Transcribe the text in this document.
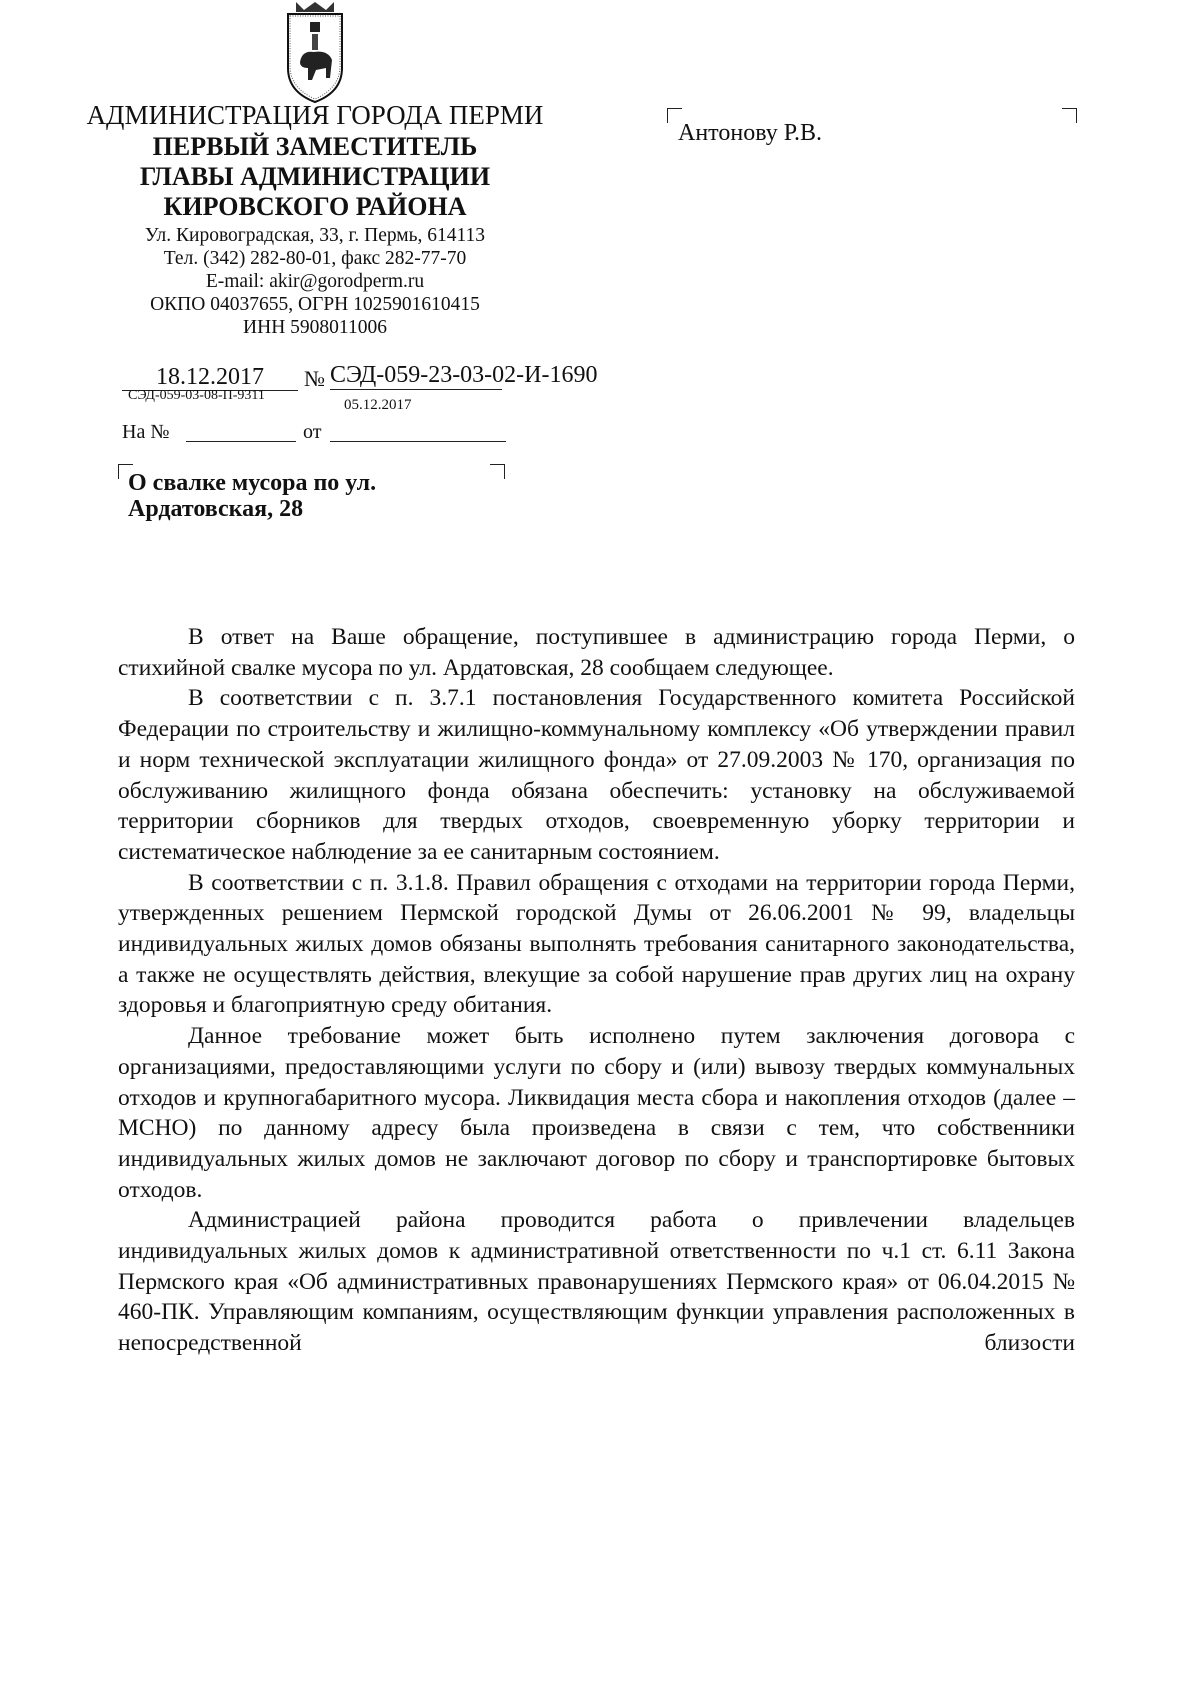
АДМИНИСТРАЦИЯ ГОРОДА ПЕРМИ
ПЕРВЫЙ ЗАМЕСТИТЕЛЬ
ГЛАВЫ АДМИНИСТРАЦИИ
КИРОВСКОГО РАЙОНА
Ул. Кировоградская, 33, г. Пермь, 614113
Тел. (342) 282-80-01, факс 282-77-70
E-mail: akir@gorodperm.ru
ОКПО 04037655, ОГРН 1025901610415
ИНН 5908011006
Антонову Р.В.
18.12.2017	№ СЭД-059-23-03-02-И-1690
СЭД-059-03-08-П-9311
05.12.2017
На №	от
О свалке мусора по ул.
Ардатовская, 28

В ответ на Ваше обращение, поступившее в администрацию города Перми, о стихийной свалке мусора по ул. Ардатовская, 28 сообщаем следующее.

В соответствии с п. 3.7.1 постановления Государственного комитета Российской Федерации по строительству и жилищно-коммунальному комплексу «Об утверждении правил и норм технической эксплуатации жилищного фонда» от 27.09.2003 № 170, организация по обслуживанию жилищного фонда обязана обеспечить: установку на обслуживаемой территории сборников для твердых отходов, своевременную уборку территории и систематическое наблюдение за ее санитарным состоянием.

В соответствии с п. 3.1.8. Правил обращения с отходами на территории города Перми, утвержденных решением Пермской городской Думы от 26.06.2001 № 99, владельцы индивидуальных жилых домов обязаны выполнять требования санитарного законодательства, а также не осуществлять действия, влекущие за собой нарушение прав других лиц на охрану здоровья и благоприятную среду обитания.

Данное требование может быть исполнено путем заключения договора с организациями, предоставляющими услуги по сбору и (или) вывозу твердых коммунальных отходов и крупногабаритного мусора. Ликвидация места сбора и накопления отходов (далее – МСНО) по данному адресу была произведена в связи с тем, что собственники индивидуальных жилых домов не заключают договор по сбору и транспортировке бытовых отходов.

Администрацией района проводится работа о привлечении владельцев индивидуальных жилых домов к административной ответственности по ч.1 ст. 6.11 Закона Пермского края «Об административных правонарушениях Пермского края» от 06.04.2015 № 460-ПК. Управляющим компаниям, осуществляющим функции управления расположенных в непосредственной близости
